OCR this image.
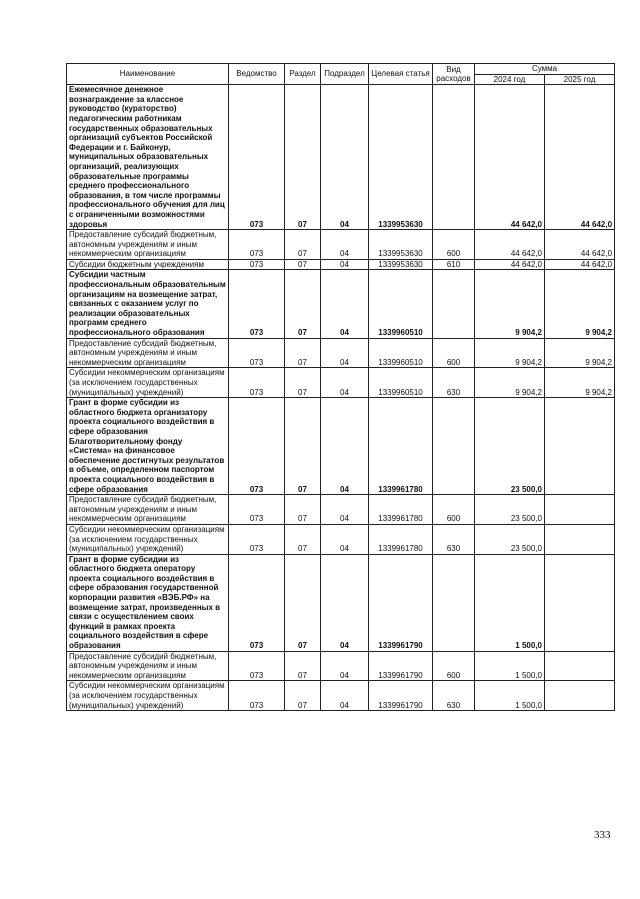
Наименование	Ведомство	Раздел	Подраздел	Целевая статья	Вид расходов	Сумма	
						2024 год	2025 год
Ежемесячное денежное вознаграждение за классное руководство (кураторство) педагогическим работникам государственных образовательных организаций субъектов Российской Федерации и г. Байконур, муниципальных образовательных организаций, реализующих образовательные программы среднего профессионального образования, в том числе программы профессионального обучения для лиц с ограниченными возможностями здоровья	073	07	04	1339953630		44 642,0	44 642,0
Предоставление субсидий бюджетным, автономным учреждениям и иным некоммерческим организациям	073	07	04	1339953630	600	44 642,0	44 642,0
Субсидии бюджетным учреждениям	073	07	04	1339953630	610	44 642,0	44 642,0
Субсидии частным профессиональным образовательным организациям на возмещение затрат, связанных с оказанием услуг по реализации образовательных программ среднего профессионального образования	073	07	04	1339960510		9 904,2	9 904,2
Предоставление субсидий бюджетным, автономным учреждениям и иным некоммерческим организациям	073	07	04	1339960510	600	9 904,2	9 904,2
Субсидии некоммерческим организациям (за исключением государственных (муниципальных) учреждений)	073	07	04	1339960510	630	9 904,2	9 904,2
Грант в форме субсидии из областного бюджета организатору проекта социального воздействия в сфере образования Благотворительному фонду «Система» на финансовое обеспечение достигнутых результатов в объеме, определенном паспортом проекта социального воздействия в сфере образования	073	07	04	1339961780		23 500,0	
Предоставление субсидий бюджетным, автономным учреждениям и иным некоммерческим организациям	073	07	04	1339961780	600	23 500,0	
Субсидии некоммерческим организациям (за исключением государственных (муниципальных) учреждений)	073	07	04	1339961780	630	23 500,0	
Грант в форме субсидии из областного бюджета оператору проекта социального воздействия в сфере образования государственной корпорации развития «ВЭБ.РФ» на возмещение затрат, произведенных в связи с осуществлением своих функций в рамках проекта социального воздействия в сфере образования	073	07	04	1339961790		1 500,0	
Предоставление субсидий бюджетным, автономным учреждениям и иным некоммерческим организациям	073	07	04	1339961790	600	1 500,0	
Субсидии некоммерческим организациям (за исключением государственных (муниципальных) учреждений)	073	07	04	1339961790	630	1 500,0	
333
